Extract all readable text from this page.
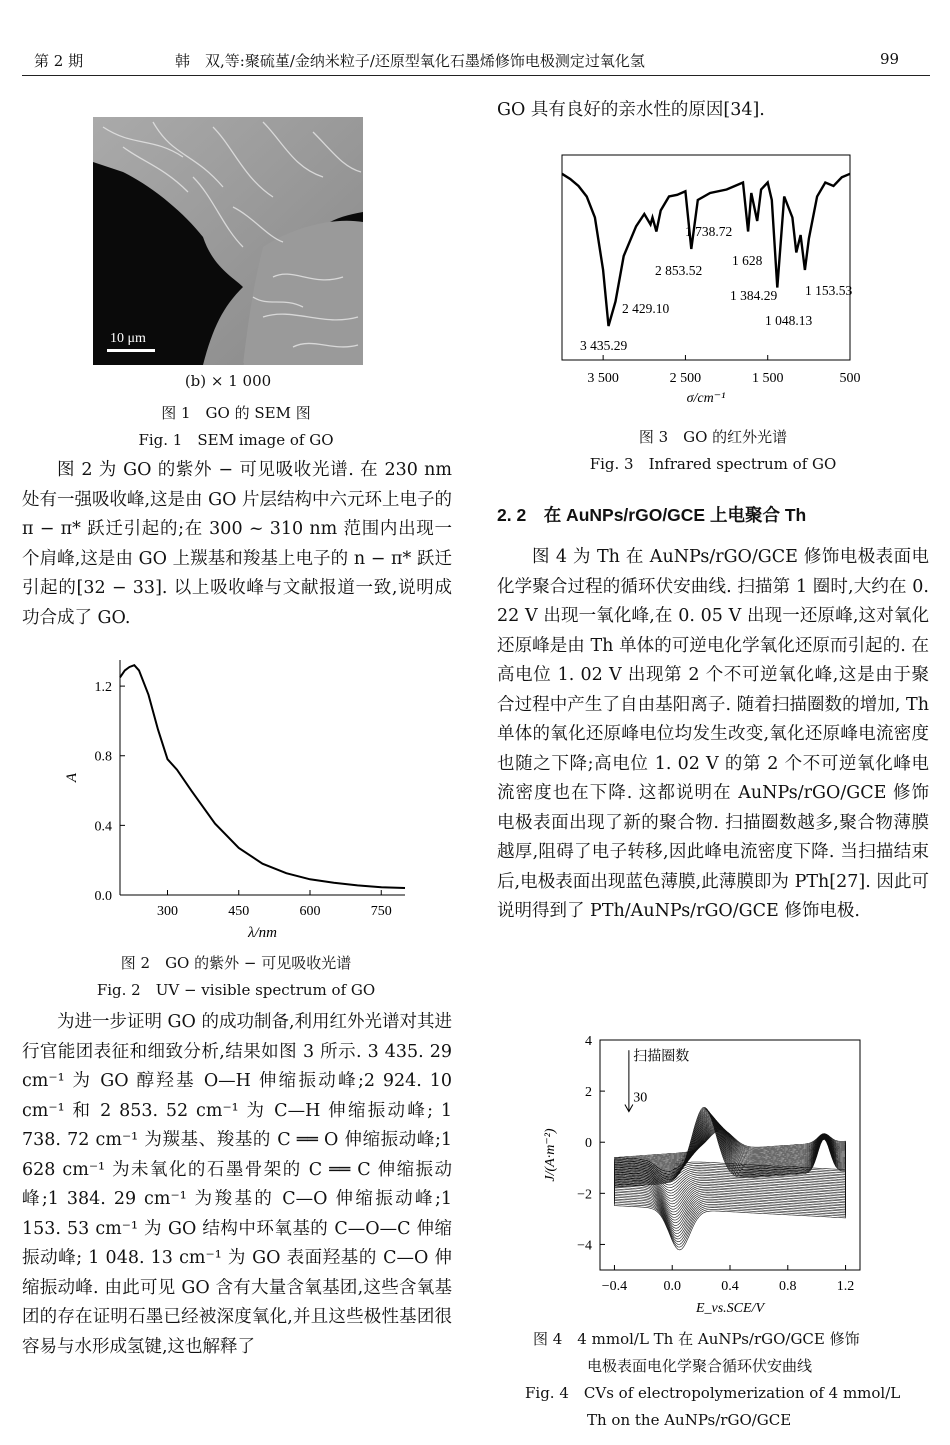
第 2 期	韩　双,等:聚硫堇/金纳米粒子/还原型氧化石墨烯修饰电极测定过氧化氢	99
10 μm
(b) × 1 000
图 1　GO 的 SEM 图
Fig. 1　SEM image of GO

图 2 为 GO 的紫外 − 可见吸收光谱. 在 230 nm 处有一强吸收峰,这是由 GO 片层结构中六元环上电子的 π − π* 跃迁引起的;在 300 ~ 310 nm 范围内出现一个肩峰,这是由 GO 上羰基和羧基上电子的 n − π* 跃迁引起的[32 − 33]. 以上吸收峰与文献报道一致,说明成功合成了 GO.

300	450	600	750
0.0
0.4
0.8
1.2
λ/nm
A
图 2　GO 的紫外 − 可见吸收光谱
Fig. 2　UV − visible spectrum of GO

为进一步证明 GO 的成功制备,利用红外光谱对其进行官能团表征和细致分析,结果如图 3 所示. 3 435. 29 cm⁻¹ 为 GO 醇羟基 O—H 伸缩振动峰;2 924. 10 cm⁻¹ 和 2 853. 52 cm⁻¹ 为 C—H 伸缩振动峰; 1 738. 72 cm⁻¹ 为羰基、羧基的 C ══ O 伸缩振动峰;1 628 cm⁻¹ 为未氧化的石墨骨架的 C ══ C 伸缩振动峰;1 384. 29 cm⁻¹ 为羧基的 C—O 伸缩振动峰;1 153. 53 cm⁻¹ 为 GO 结构中环氧基的 C—O—C 伸缩振动峰; 1 048. 13 cm⁻¹ 为 GO 表面羟基的 C—O 伸缩振动峰. 由此可见 GO 含有大量含氧基团,这些含氧基团的存在证明石墨已经被深度氧化,并且这些极性基团很容易与水形成氢键,这也解释了

GO 具有良好的亲水性的原因[34].

3 500	2 500	1 500	500
3 435.29
2 429.10
2 853.52
1 738.72
1 628
1 384.29
1 048.13
1 153.53
σ/cm⁻¹
图 3　GO 的红外光谱
Fig. 3　Infrared spectrum of GO
2. 2　在 AuNPs/rGO/GCE 上电聚合 Th

图 4 为 Th 在 AuNPs/rGO/GCE 修饰电极表面电化学聚合过程的循环伏安曲线. 扫描第 1 圈时,大约在 0. 22 V 出现一氧化峰,在 0. 05 V 出现一还原峰,这对氧化还原峰是由 Th 单体的可逆电化学氧化还原而引起的. 在高电位 1. 02 V 出现第 2 个不可逆氧化峰,这是由于聚合过程中产生了自由基阳离子. 随着扫描圈数的增加, Th 单体的氧化还原峰电位均发生改变,氧化还原峰电流密度也随之下降;高电位 1. 02 V 的第 2 个不可逆氧化峰电流密度也在下降. 这都说明在 AuNPs/rGO/GCE 修饰电极表面出现了新的聚合物. 扫描圈数越多,聚合物薄膜越厚,阻碍了电子转移,因此峰电流密度下降. 当扫描结束后,电极表面出现蓝色薄膜,此薄膜即为 PTh[27]. 因此可说明得到了 PTh/AuNPs/rGO/GCE 修饰电极.

−0.4	0.0	0.4	0.8	1.2
4
2
0
−2
−4
扫描圈数
30
E_vs.SCE/V
J/(A·m⁻²)
图 4　4 mmol/L Th 在 AuNPs/rGO/GCE 修饰
电极表面电化学聚合循环伏安曲线
Fig. 4　CVs of electropolymerization of 4 mmol/L
Th on the AuNPs/rGO/GCE
